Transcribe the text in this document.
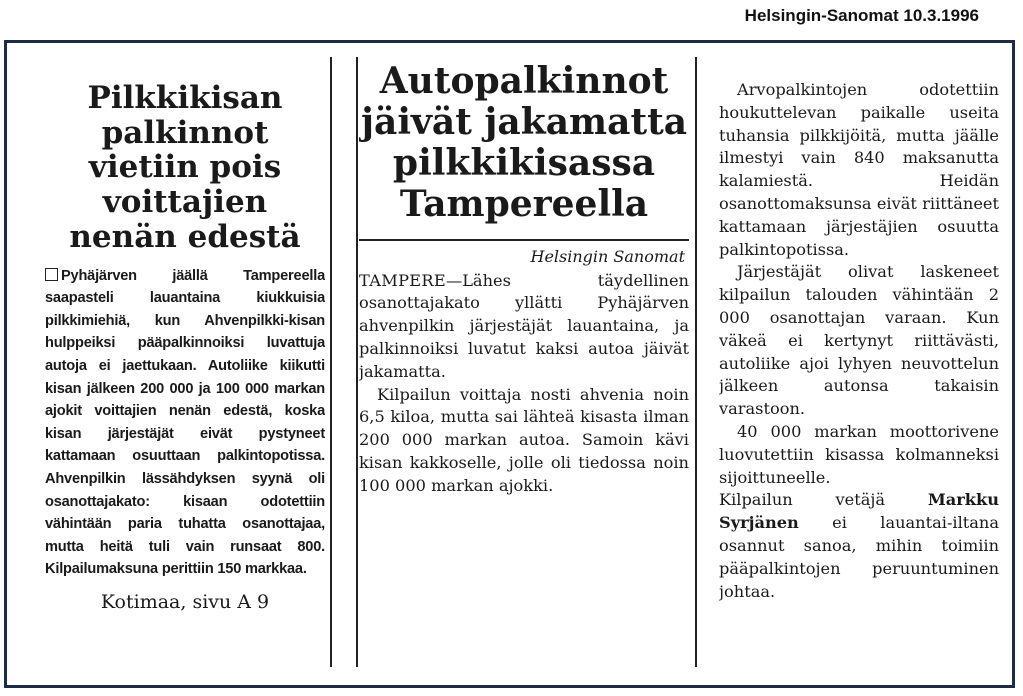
Helsingin-Sanomat 10.3.1996
Pilkkikisan palkinnot vietiin pois voittajien nenän edestä
Pyhäjärven jäällä Tampereella saapasteli lauantaina kiukkuisia pilkkimiehiä, kun Ahvenpilkki-kisan hulppeiksi pääpalkinnoiksi luvattuja autoja ei jaettukaan. Autoliike kiikutti kisan jälkeen 200 000 ja 100 000 markan ajokit voittajien nenän edestä, koska kisan järjestäjät eivät pystyneet kattamaan osuuttaan palkintopotissa. Ahvenpilkin lässähdyksen syynä oli osanottajakato: kisaan odotettiin vähintään paria tuhatta osanottajaa, mutta heitä tuli vain runsaat 800. Kilpailumaksuna perittiin 150 markkaa.
Kotimaa, sivu A 9
Autopalkinnot jäivät jakamatta pilkkikisassa Tampereella
Helsingin Sanomat

TAMPERE—Lähes täydellinen osanottajakato yllätti Pyhäjärven ahvenpilkin järjestäjät lauantaina, ja palkinnoiksi luvatut kaksi autoa jäivät jakamatta.

Kilpailun voittaja nosti ahvenia noin 6,5 kiloa, mutta sai lähteä kisasta ilman 200 000 markan autoa. Samoin kävi kisan kakkoselle, jolle oli tiedossa noin 100 000 markan ajokki.

Arvopalkintojen odotettiin houkuttelevan paikalle useita tuhansia pilkkijöitä, mutta jäälle ilmestyi vain 840 maksanutta kalamiestä. Heidän osanottomaksunsa eivät riittäneet kattamaan järjestäjien osuutta palkintopotissa.

Järjestäjät olivat laskeneet kilpailun talouden vähintään 2 000 osanottajan varaan. Kun väkeä ei kertynyt riittävästi, autoliike ajoi lyhyen neuvottelun jälkeen autonsa takaisin varastoon.

40 000 markan moottorivene luovutettiin kisassa kolmanneksi sijoittuneelle.

Kilpailun vetäjä	Markku Syrjänen ei lauantai-iltana osannut sanoa, mihin toimiin pääpalkintojen peruuntuminen johtaa.
